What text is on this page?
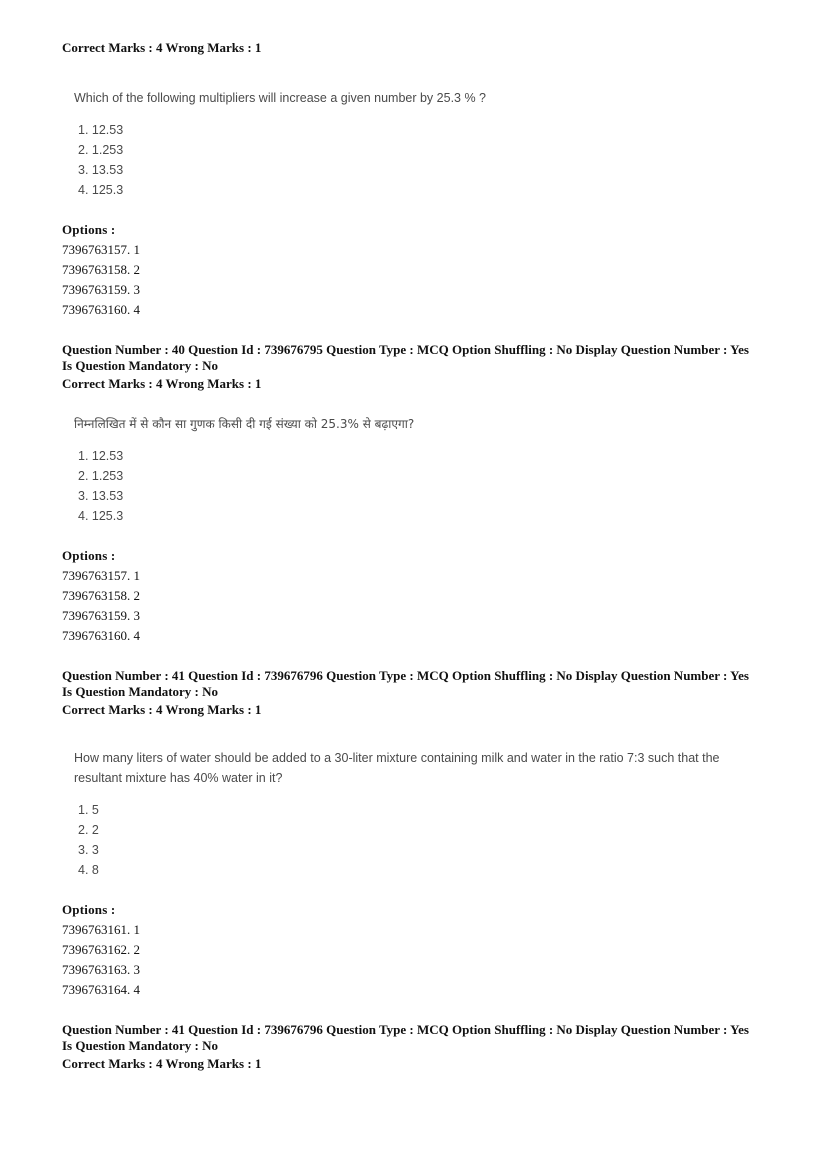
Correct Marks : 4 Wrong Marks : 1

Which of the following multipliers will increase a given number by 25.3 % ?

1. 12.53
2. 1.253
3. 13.53
4. 125.3
Options :
7396763157. 1
7396763158. 2
7396763159. 3
7396763160. 4
Question Number : 40 Question Id : 739676795 Question Type : MCQ Option Shuffling : No Display Question Number : Yes
Is Question Mandatory : No
Correct Marks : 4 Wrong Marks : 1

निम्नलिखित में से कौन सा गुणक किसी दी गई संख्या को 25.3% से बढ़ाएगा?

1. 12.53
2. 1.253
3. 13.53
4. 125.3
Options :
7396763157. 1
7396763158. 2
7396763159. 3
7396763160. 4
Question Number : 41 Question Id : 739676796 Question Type : MCQ Option Shuffling : No Display Question Number : Yes
Is Question Mandatory : No
Correct Marks : 4 Wrong Marks : 1

How many liters of water should be added to a 30-liter mixture containing milk and water in the ratio 7:3 such that the

resultant mixture has 40% water in it?

1. 5
2. 2
3. 3
4. 8
Options :
7396763161. 1
7396763162. 2
7396763163. 3
7396763164. 4
Question Number : 41 Question Id : 739676796 Question Type : MCQ Option Shuffling : No Display Question Number : Yes
Is Question Mandatory : No
Correct Marks : 4 Wrong Marks : 1
